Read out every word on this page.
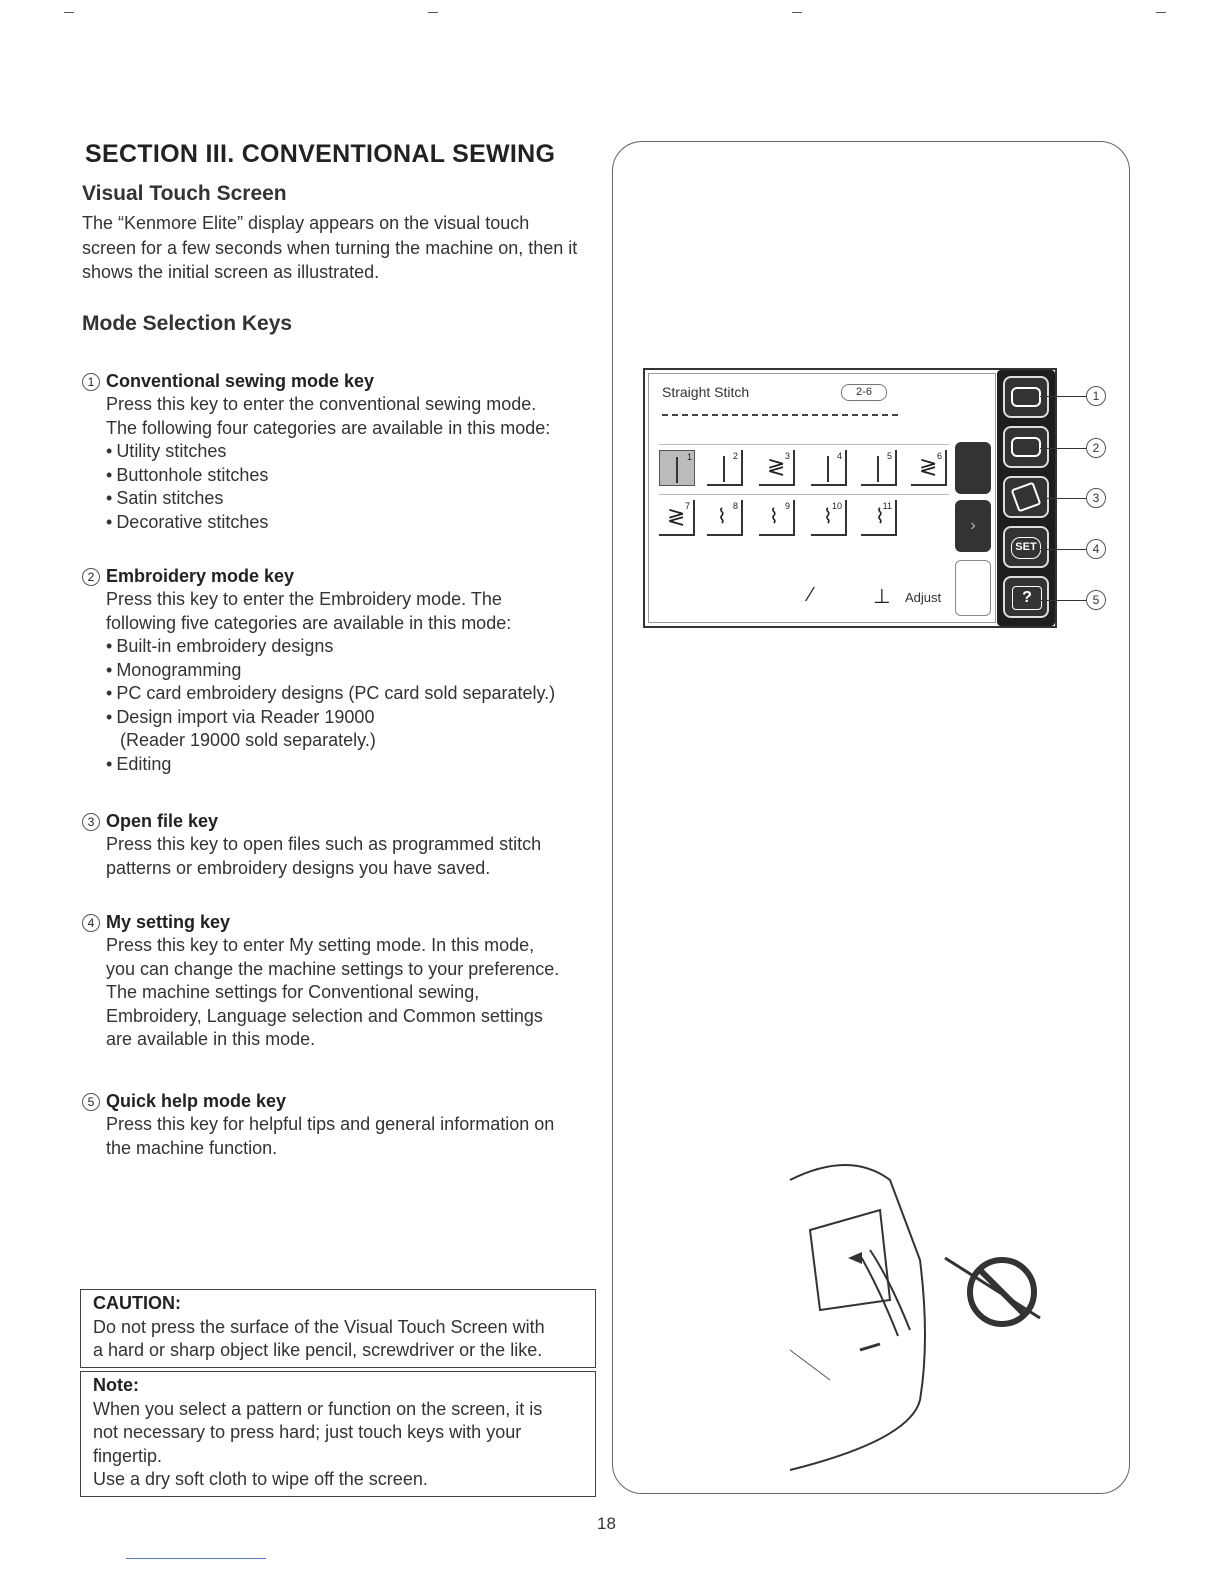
SECTION III. CONVENTIONAL SEWING
Visual Touch Screen
The “Kenmore Elite” display appears on the visual touch screen for a few seconds when turning the machine on, then it shows the initial screen as illustrated.
Mode Selection Keys
1 Conventional sewing mode key
Press this key to enter the conventional sewing mode.
The following four categories are available in this mode:
• Utility stitches
• Buttonhole stitches
• Satin stitches
• Decorative stitches
2 Embroidery mode key
Press this key to enter the Embroidery mode. The
following five categories are available in this mode:
• Built-in embroidery designs
• Monogramming
• PC card embroidery designs (PC card sold separately.)
• Design import via Reader 19000
(Reader 19000 sold separately.)
• Editing
3 Open file key
Press this key to open files such as programmed stitch
patterns or embroidery designs you have saved.
4 My setting key
Press this key to enter My setting mode. In this mode,
you can change the machine settings to your preference.
The machine settings for Conventional sewing,
Embroidery, Language selection and Common settings
are available in this mode.
5 Quick help mode key
Press this key for helpful tips and general information on
the machine function.
CAUTION:
Do not press the surface of the Visual Touch Screen with
a hard or sharp object like pencil, screwdriver or the like.
Note:
When you select a pattern or function on the screen, it is
not necessary to press hard; just touch keys with your
fingertip.
Use a dry soft cloth to wipe off the screen.
Straight Stitch	2-6
1	2	3
≷	4	5	6
≷
7
≷	8
⌇	9
⌇	10
⌇	11
⌇
⁄	⊥	Adjust
›
SET
?
1
2
3
4
5
18
